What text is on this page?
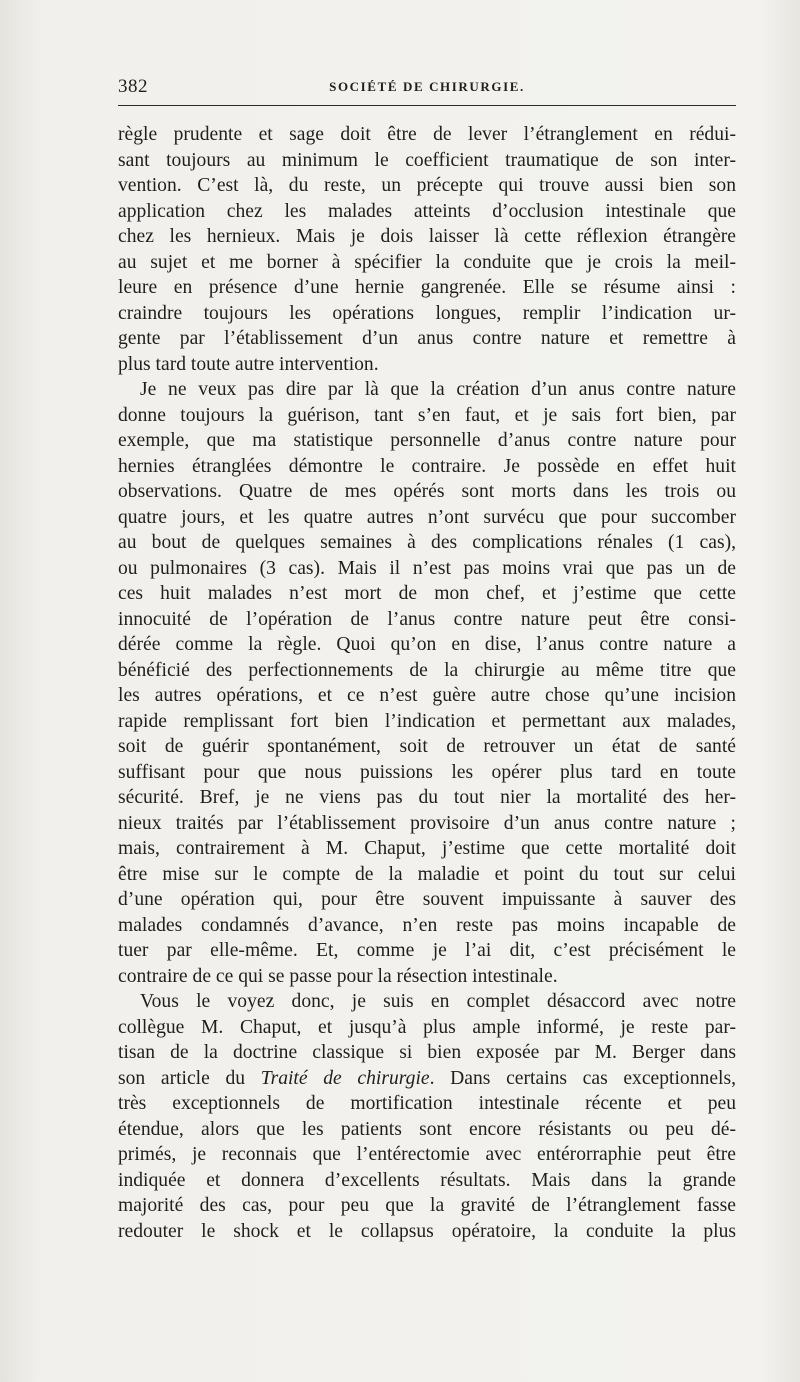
382	SOCIÉTÉ DE CHIRURGIE.
règle prudente et sage doit être de lever l’étranglement en rédui-
sant toujours au minimum le coefficient traumatique de son inter-
vention. C’est là, du reste, un précepte qui trouve aussi bien son
application chez les malades atteints d’occlusion intestinale que
chez les hernieux. Mais je dois laisser là cette réflexion étrangère
au sujet et me borner à spécifier la conduite que je crois la meil-
leure en présence d’une hernie gangrenée. Elle se résume ainsi :
craindre toujours les opérations longues, remplir l’indication ur-
gente par l’établissement d’un anus contre nature et remettre à
plus tard toute autre intervention.
Je ne veux pas dire par là que la création d’un anus contre nature
donne toujours la guérison, tant s’en faut, et je sais fort bien, par
exemple, que ma statistique personnelle d’anus contre nature pour
hernies étranglées démontre le contraire. Je possède en effet huit
observations. Quatre de mes opérés sont morts dans les trois ou
quatre jours, et les quatre autres n’ont survécu que pour succomber
au bout de quelques semaines à des complications rénales (1 cas),
ou pulmonaires (3 cas). Mais il n’est pas moins vrai que pas un de
ces huit malades n’est mort de mon chef, et j’estime que cette
innocuité de l’opération de l’anus contre nature peut être consi-
dérée comme la règle. Quoi qu’on en dise, l’anus contre nature a
bénéficié des perfectionnements de la chirurgie au même titre que
les autres opérations, et ce n’est guère autre chose qu’une incision
rapide remplissant fort bien l’indication et permettant aux malades,
soit de guérir spontanément, soit de retrouver un état de santé
suffisant pour que nous puissions les opérer plus tard en toute
sécurité. Bref, je ne viens pas du tout nier la mortalité des her-
nieux traités par l’établissement provisoire d’un anus contre nature ;
mais, contrairement à M. Chaput, j’estime que cette mortalité doit
être mise sur le compte de la maladie et point du tout sur celui
d’une opération qui, pour être souvent impuissante à sauver des
malades condamnés d’avance, n’en reste pas moins incapable de
tuer par elle-même. Et, comme je l’ai dit, c’est précisément le
contraire de ce qui se passe pour la résection intestinale.
Vous le voyez donc, je suis en complet désaccord avec notre
collègue M. Chaput, et jusqu’à plus ample informé, je reste par-
tisan de la doctrine classique si bien exposée par M. Berger dans
son article du Traité de chirurgie. Dans certains cas exceptionnels,
très exceptionnels de mortification intestinale récente et peu
étendue, alors que les patients sont encore résistants ou peu dé-
primés, je reconnais que l’entérectomie avec entérorraphie peut être
indiquée et donnera d’excellents résultats. Mais dans la grande
majorité des cas, pour peu que la gravité de l’étranglement fasse
redouter le shock et le collapsus opératoire, la conduite la plus
